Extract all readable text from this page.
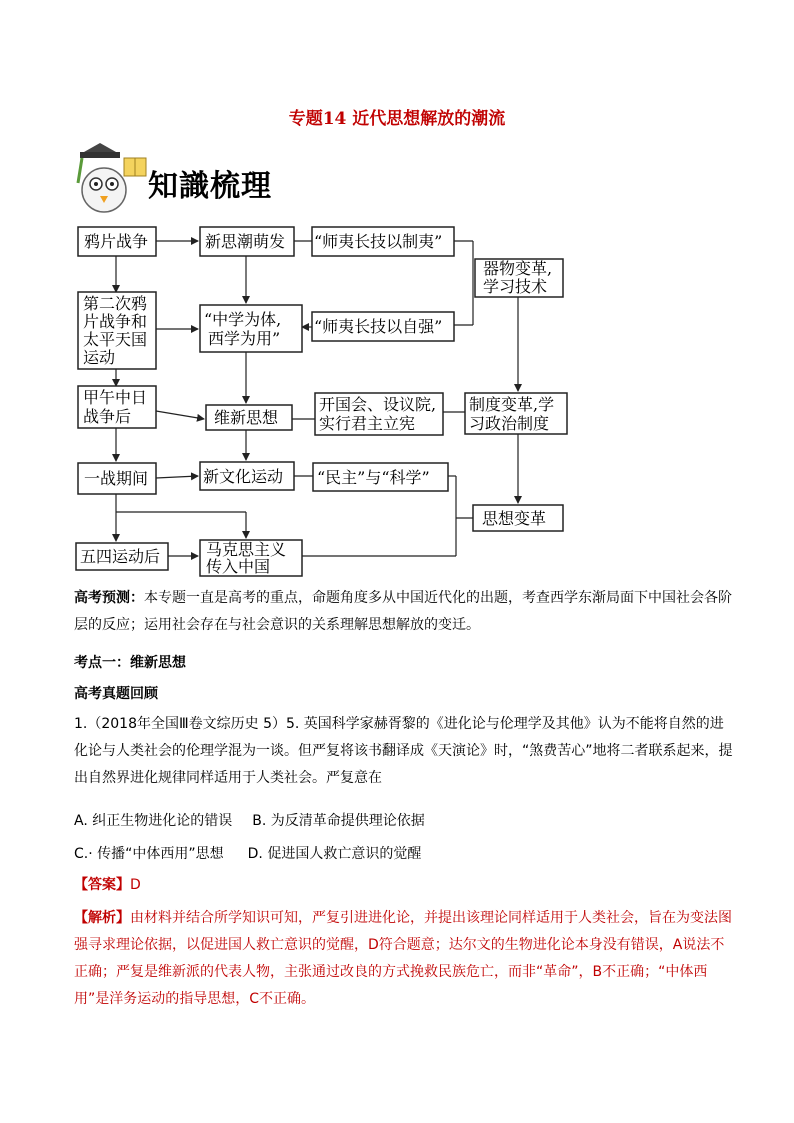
专题14 近代思想解放的潮流
知識梳理
鸦片战争
第二次鸦
片战争和
太平天国
运动
甲午中日
战争后
一战期间
五四运动后
新思潮萌发
“中学为体,
西学为用”
维新思想
新文化运动
马克思主义
传入中国
“师夷长技以制夷”
“师夷长技以自强”
开国会、设议院,
实行君主立宪
“民主”与“科学”
器物变革,
学习技术
制度变革,学
习政治制度
思想变革

高考预测：本专题一直是高考的重点，命题角度多从中国近代化的出题，考查西学东渐局面下中国社会各阶层的反应；运用社会存在与社会意识的关系理解思想解放的变迁。

考点一：维新思想

高考真题回顾

1.（2018年全国Ⅲ卷文综历史 5）5. 英国科学家赫胥黎的《进化论与伦理学及其他》认为不能将自然的进化论与人类社会的伦理学混为一谈。但严复将该书翻译成《天演论》时，“煞费苦心”地将二者联系起来，提出自然界进化规律同样适用于人类社会。严复意在

A. 纠正生物进化论的错误 B. 为反清革命提供理论依据

C.· 传播“中体西用”思想 D. 促进国人救亡意识的觉醒

【答案】D

【解析】由材料并结合所学知识可知，严复引进进化论，并提出该理论同样适用于人类社会，旨在为变法图强寻求理论依据，以促进国人救亡意识的觉醒，D符合题意；达尔文的生物进化论本身没有错误，A说法不正确；严复是维新派的代表人物，主张通过改良的方式挽救民族危亡，而非“革命”，B不正确；“中体西用”是洋务运动的指导思想，C不正确。
